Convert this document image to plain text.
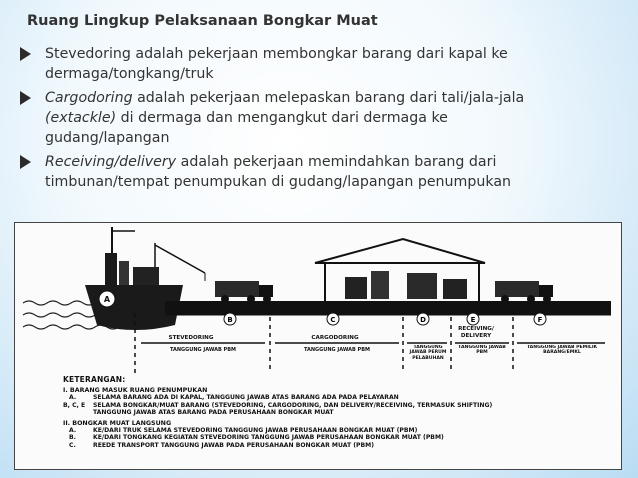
Ruang Lingkup Pelaksanaan Bongkar Muat
Stevedoring adalah pekerjaan membongkar barang dari kapal ke
dermaga/tongkang/truk
Cargodoring adalah pekerjaan melepaskan barang dari tali/jala-jala
(extackle) di dermaga dan mengangkut dari dermaga ke
gudang/lapangan
Receiving/delivery adalah pekerjaan memindahkan barang dari
timbunan/tempat penumpukan di gudang/lapangan penumpukan
A
B	C	D	E	F
STEVEDORING	CARGODORING
RECEIVING/
DELIVERY
TANGGUNG JAWAB PBM	TANGGUNG JAWAB PBM	TANGGUNG JAWAB PERUM PELABUHAN
TANGGUNG JAWAB PBM
TANGGUNG JAWAB PEMILIK BARANG/EMKL
KETERANGAN:
I. BARANG MASUK RUANG PENUMPUKAN
A.	SELAMA BARANG ADA DI KAPAL, TANGGUNG JAWAB ATAS BARANG ADA PADA PELAYARAN
B, C, E SELAMA BONGKAR/MUAT BARANG (STEVEDORING, CARGODORING, DAN DELIVERY/RECEIVING, TERMASUK SHIFTING)
TANGGUNG JAWAB ATAS BARANG PADA PERUSAHAAN BONGKAR MUAT
II. BONGKAR MUAT LANGSUNG
A.	KE/DARI TRUK SELAMA STEVEDORING TANGGUNG JAWAB PERUSAHAAN BONGKAR MUAT (PBM)
B.	KE/DARI TONGKANG KEGIATAN STEVEDORING TANGGUNG JAWAB PERUSAHAAN BONGKAR MUAT (PBM)
C.	REEDE TRANSPORT TANGGUNG JAWAB PADA PERUSAHAAN BONGKAR MUAT (PBM)
